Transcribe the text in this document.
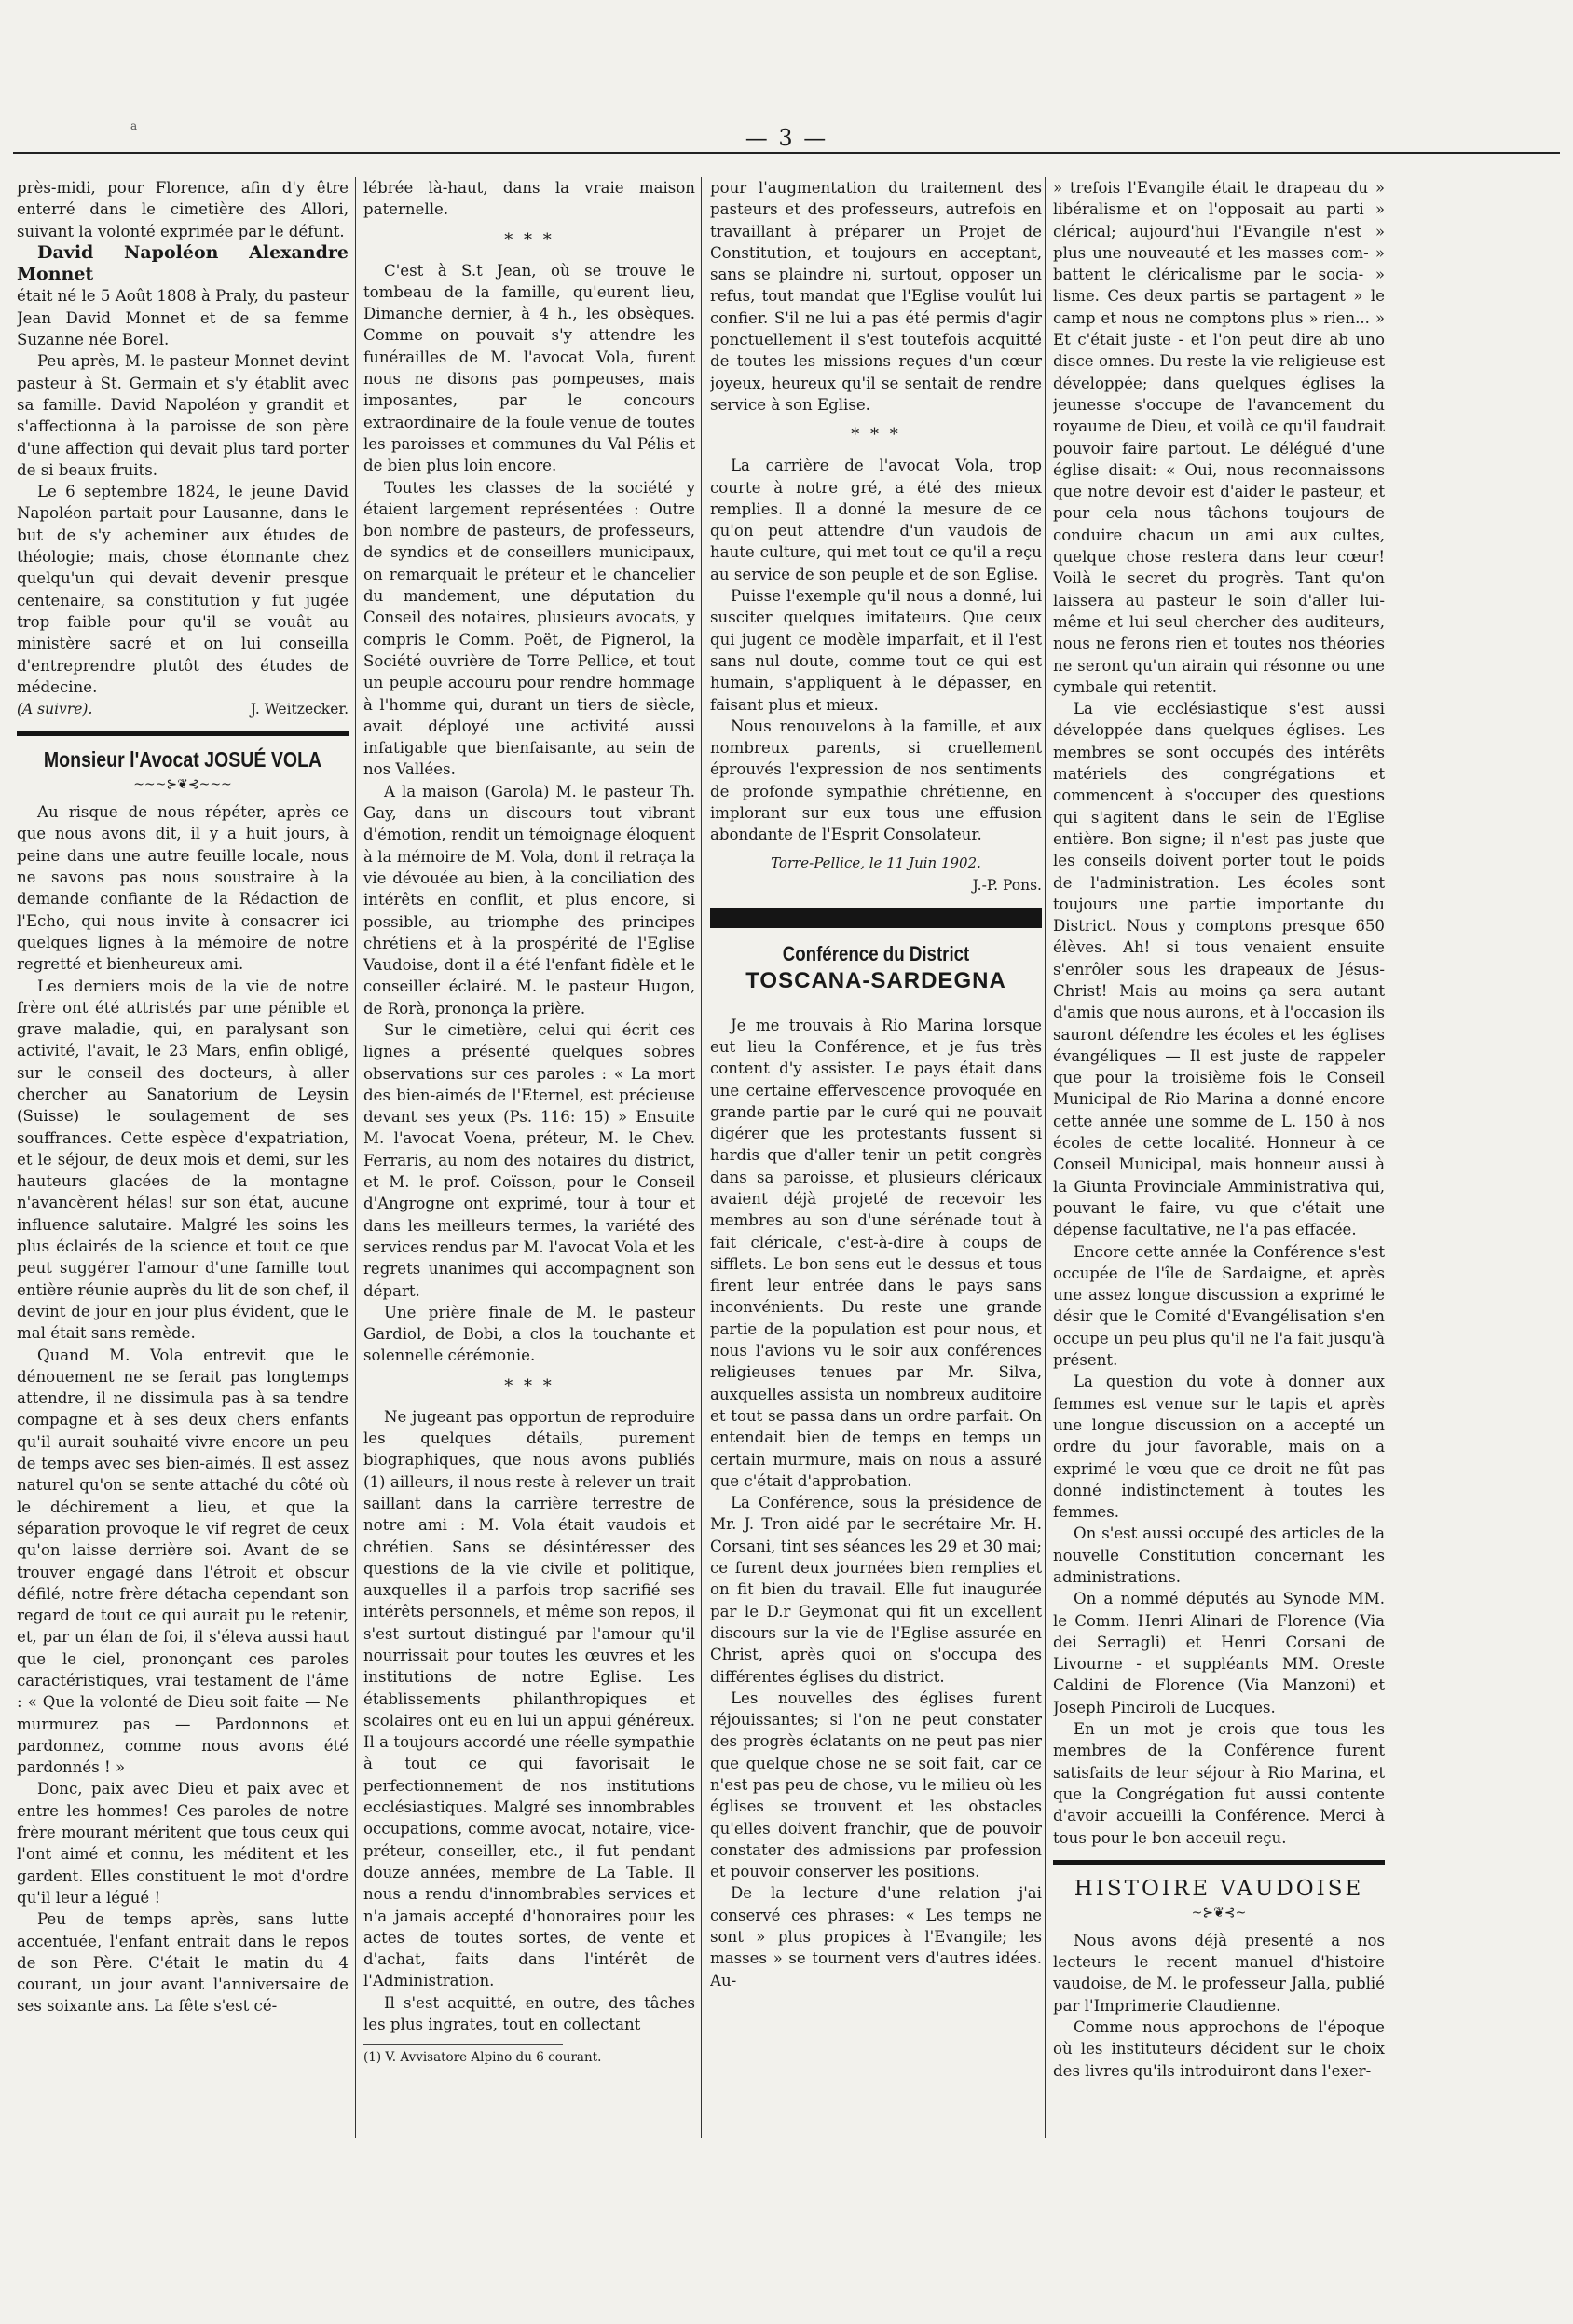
a	— 3 —

près-midi, pour Florence, afin d'y être enterré dans le cimetière des Allori, suivant la volonté exprimée par le défunt.

David Napoléon Alexandre Monnet

était né le 5 Août 1808 à Praly, du pasteur Jean David Monnet et de sa femme Suzanne née Borel.

Peu après, M. le pasteur Monnet devint pasteur à St. Germain et s'y établit avec sa famille. David Napoléon y grandit et s'affectionna à la paroisse de son père d'une affection qui devait plus tard porter de si beaux fruits.

Le 6 septembre 1824, le jeune David Napoléon partait pour Lausanne, dans le but de s'y acheminer aux études de théologie; mais, chose étonnante chez quelqu'un qui devait devenir presque centenaire, sa constitution y fut jugée trop faible pour qu'il se vouât au ministère sacré et on lui conseilla d'entreprendre plutôt des études de médecine.

(A suivre).	J. Weitzecker.
Monsieur l'Avocat JOSUÉ VOLA
~~~⊱❦⊰~~~

Au risque de nous répéter, après ce que nous avons dit, il y a huit jours, à peine dans une autre feuille locale, nous ne savons pas nous soustraire à la demande confiante de la Rédaction de l'Echo, qui nous invite à consacrer ici quelques lignes à la mémoire de notre regretté et bienheureux ami.

Les derniers mois de la vie de notre frère ont été attristés par une pénible et grave maladie, qui, en paralysant son activité, l'avait, le 23 Mars, enfin obligé, sur le conseil des docteurs, à aller chercher au Sanatorium de Leysin (Suisse) le soulagement de ses souffrances. Cette espèce d'expatriation, et le séjour, de deux mois et demi, sur les hauteurs glacées de la montagne n'avancèrent hélas! sur son état, aucune influence salutaire. Malgré les soins les plus éclairés de la science et tout ce que peut suggérer l'amour d'une famille tout entière réunie auprès du lit de son chef, il devint de jour en jour plus évident, que le mal était sans remède.

Quand M. Vola entrevit que le dénouement ne se ferait pas longtemps attendre, il ne dissimula pas à sa tendre compagne et à ses deux chers enfants qu'il aurait souhaité vivre encore un peu de temps avec ses bien-aimés. Il est assez naturel qu'on se sente attaché du côté où le déchirement a lieu, et que la séparation provoque le vif regret de ceux qu'on laisse derrière soi. Avant de se trouver engagé dans l'étroit et obscur défilé, notre frère détacha cependant son regard de tout ce qui aurait pu le retenir, et, par un élan de foi, il s'éleva aussi haut que le ciel, prononçant ces paroles caractéristiques, vrai testament de l'âme : « Que la volonté de Dieu soit faite — Ne murmurez pas — Pardonnons et pardonnez, comme nous avons été pardonnés ! »

Donc, paix avec Dieu et paix avec et entre les hommes! Ces paroles de notre frère mourant méritent que tous ceux qui l'ont aimé et connu, les méditent et les gardent. Elles constituent le mot d'ordre qu'il leur a légué !

Peu de temps après, sans lutte accentuée, l'enfant entrait dans le repos de son Père. C'était le matin du 4 courant, un jour avant l'anniversaire de ses soixante ans. La fête s'est cé-

lébrée là-haut, dans la vraie maison paternelle.

* * *

C'est à S.t Jean, où se trouve le tombeau de la famille, qu'eurent lieu, Dimanche dernier, à 4 h., les obsèques. Comme on pouvait s'y attendre les funérailles de M. l'avocat Vola, furent nous ne disons pas pompeuses, mais imposantes, par le concours extraordinaire de la foule venue de toutes les paroisses et communes du Val Pélis et de bien plus loin encore.

Toutes les classes de la société y étaient largement représentées : Outre bon nombre de pasteurs, de professeurs, de syndics et de conseillers municipaux, on remarquait le préteur et le chancelier du mandement, une députation du Conseil des notaires, plusieurs avocats, y compris le Comm. Poët, de Pignerol, la Société ouvrière de Torre Pellice, et tout un peuple accouru pour rendre hommage à l'homme qui, durant un tiers de siècle, avait déployé une activité aussi infatigable que bienfaisante, au sein de nos Vallées.

A la maison (Garola) M. le pasteur Th. Gay, dans un discours tout vibrant d'émotion, rendit un témoignage éloquent à la mémoire de M. Vola, dont il retraça la vie dévouée au bien, à la conciliation des intérêts en conflit, et plus encore, si possible, au triomphe des principes chrétiens et à la prospérité de l'Eglise Vaudoise, dont il a été l'enfant fidèle et le conseiller éclairé. M. le pasteur Hugon, de Rorà, prononça la prière.

Sur le cimetière, celui qui écrit ces lignes a présenté quelques sobres observations sur ces paroles : « La mort des bien-aimés de l'Eternel, est précieuse devant ses yeux (Ps. 116: 15) » Ensuite M. l'avocat Voena, préteur, M. le Chev. Ferraris, au nom des notaires du district, et M. le prof. Coïsson, pour le Conseil d'Angrogne ont exprimé, tour à tour et dans les meilleurs termes, la variété des services rendus par M. l'avocat Vola et les regrets unanimes qui accompagnent son départ.

Une prière finale de M. le pasteur Gardiol, de Bobi, a clos la touchante et solennelle cérémonie.

* * *

Ne jugeant pas opportun de reproduire les quelques détails, purement biographiques, que nous avons publiés (1) ailleurs, il nous reste à relever un trait saillant dans la carrière terrestre de notre ami : M. Vola était vaudois et chrétien. Sans se désintéresser des questions de la vie civile et politique, auxquelles il a parfois trop sacrifié ses intérêts personnels, et même son repos, il s'est surtout distingué par l'amour qu'il nourrissait pour toutes les œuvres et les institutions de notre Eglise. Les établissements philanthropiques et scolaires ont eu en lui un appui généreux. Il a toujours accordé une réelle sympathie à tout ce qui favorisait le perfectionnement de nos institutions ecclésiastiques. Malgré ses innombrables occupations, comme avocat, notaire, vice-préteur, conseiller, etc., il fut pendant douze années, membre de La Table. Il nous a rendu d'innombrables services et n'a jamais accepté d'honoraires pour les actes de toutes sortes, de vente et d'achat, faits dans l'intérêt de l'Administration.

Il s'est acquitté, en outre, des tâches les plus ingrates, tout en collectant

(1) V. Avvisatore Alpino du 6 courant.

pour l'augmentation du traitement des pasteurs et des professeurs, autrefois en travaillant à préparer un Projet de Constitution, et toujours en acceptant, sans se plaindre ni, surtout, opposer un refus, tout mandat que l'Eglise voulût lui confier. S'il ne lui a pas été permis d'agir ponctuellement il s'est toutefois acquitté de toutes les missions reçues d'un cœur joyeux, heureux qu'il se sentait de rendre service à son Eglise.

* * *

La carrière de l'avocat Vola, trop courte à notre gré, a été des mieux remplies. Il a donné la mesure de ce qu'on peut attendre d'un vaudois de haute culture, qui met tout ce qu'il a reçu au service de son peuple et de son Eglise.

Puisse l'exemple qu'il nous a donné, lui susciter quelques imitateurs. Que ceux qui jugent ce modèle imparfait, et il l'est sans nul doute, comme tout ce qui est humain, s'appliquent à le dépasser, en faisant plus et mieux.

Nous renouvelons à la famille, et aux nombreux parents, si cruellement éprouvés l'expression de nos sentiments de profonde sympathie chrétienne, en implorant sur eux tous une effusion abondante de l'Esprit Consolateur.

Torre-Pellice, le 11 Juin 1902.
J.-P. Pons.
Conférence du District
TOSCANA-SARDEGNA

Je me trouvais à Rio Marina lorsque eut lieu la Conférence, et je fus très content d'y assister. Le pays était dans une certaine effervescence provoquée en grande partie par le curé qui ne pouvait digérer que les protestants fussent si hardis que d'aller tenir un petit congrès dans sa paroisse, et plusieurs cléricaux avaient déjà projeté de recevoir les membres au son d'une sérénade tout à fait cléricale, c'est-à-dire à coups de sifflets. Le bon sens eut le dessus et tous firent leur entrée dans le pays sans inconvénients. Du reste une grande partie de la population est pour nous, et nous l'avions vu le soir aux conférences religieuses tenues par Mr. Silva, auxquelles assista un nombreux auditoire et tout se passa dans un ordre parfait. On entendait bien de temps en temps un certain murmure, mais on nous a assuré que c'était d'approbation.

La Conférence, sous la présidence de Mr. J. Tron aidé par le secrétaire Mr. H. Corsani, tint ses séances les 29 et 30 mai; ce furent deux journées bien remplies et on fit bien du travail. Elle fut inaugurée par le D.r Geymonat qui fit un excellent discours sur la vie de l'Eglise assurée en Christ, après quoi on s'occupa des différentes églises du district.

Les nouvelles des églises furent réjouissantes; si l'on ne peut constater des progrès éclatants on ne peut pas nier que quelque chose ne se soit fait, car ce n'est pas peu de chose, vu le milieu où les églises se trouvent et les obstacles qu'elles doivent franchir, que de pouvoir constater des admissions par profession et pouvoir conserver les positions.

De la lecture d'une relation j'ai conservé ces phrases: « Les temps ne sont » plus propices à l'Evangile; les masses » se tournent vers d'autres idées. Au-

» trefois l'Evangile était le drapeau du » libéralisme et on l'opposait au parti » clérical; aujourd'hui l'Evangile n'est » plus une nouveauté et les masses com- » battent le cléricalisme par le socia- » lisme. Ces deux partis se partagent » le camp et nous ne comptons plus » rien... » Et c'était juste - et l'on peut dire ab uno disce omnes. Du reste la vie religieuse est développée; dans quelques églises la jeunesse s'occupe de l'avancement du royaume de Dieu, et voilà ce qu'il faudrait pouvoir faire partout. Le délégué d'une église disait: « Oui, nous reconnaissons que notre devoir est d'aider le pasteur, et pour cela nous tâchons toujours de conduire chacun un ami aux cultes, quelque chose restera dans leur cœur! Voilà le secret du progrès. Tant qu'on laissera au pasteur le soin d'aller lui-même et lui seul chercher des auditeurs, nous ne ferons rien et toutes nos théories ne seront qu'un airain qui résonne ou une cymbale qui retentit.

La vie ecclésiastique s'est aussi développée dans quelques églises. Les membres se sont occupés des intérêts matériels des congrégations et commencent à s'occuper des questions qui s'agitent dans le sein de l'Eglise entière. Bon signe; il n'est pas juste que les conseils doivent porter tout le poids de l'administration. Les écoles sont toujours une partie importante du District. Nous y comptons presque 650 élèves. Ah! si tous venaient ensuite s'enrôler sous les drapeaux de Jésus-Christ! Mais au moins ça sera autant d'amis que nous aurons, et à l'occasion ils sauront défendre les écoles et les églises évangéliques — Il est juste de rappeler que pour la troisième fois le Conseil Municipal de Rio Marina a donné encore cette année une somme de L. 150 à nos écoles de cette localité. Honneur à ce Conseil Municipal, mais honneur aussi à la Giunta Provinciale Amministrativa qui, pouvant le faire, vu que c'était une dépense facultative, ne l'a pas effacée.

Encore cette année la Conférence s'est occupée de l'île de Sardaigne, et après une assez longue discussion a exprimé le désir que le Comité d'Evangélisation s'en occupe un peu plus qu'il ne l'a fait jusqu'à présent.

La question du vote à donner aux femmes est venue sur le tapis et après une longue discussion on a accepté un ordre du jour favorable, mais on a exprimé le vœu que ce droit ne fût pas donné indistinctement à toutes les femmes.

On s'est aussi occupé des articles de la nouvelle Constitution concernant les administrations.

On a nommé députés au Synode MM. le Comm. Henri Alinari de Florence (Via dei Serragli) et Henri Corsani de Livourne - et suppléants MM. Oreste Caldini de Florence (Via Manzoni) et Joseph Pinciroli de Lucques.

En un mot je crois que tous les membres de la Conférence furent satisfaits de leur séjour à Rio Marina, et que la Congrégation fut aussi contente d'avoir accueilli la Conférence. Merci à tous pour le bon acceuil reçu.

HISTOIRE VAUDOISE
~⊱❦⊰~

Nous avons déjà presenté a nos lecteurs le recent manuel d'histoire vaudoise, de M. le professeur Jalla, publié par l'Imprimerie Claudienne.

Comme nous approchons de l'époque où les instituteurs décident sur le choix des livres qu'ils introduiront dans l'exer-
